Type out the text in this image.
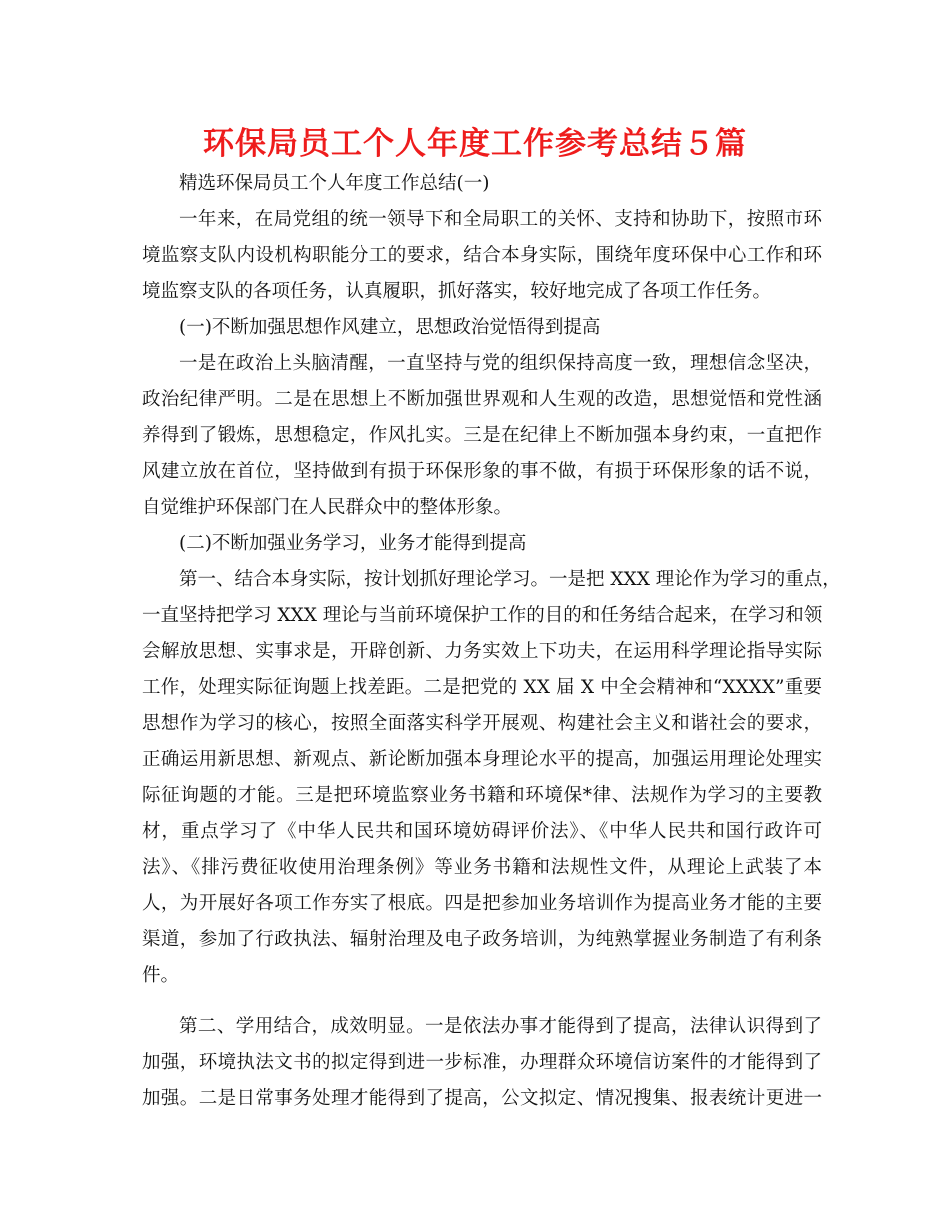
环保局员工个人年度工作参考总结５篇
精选环保局员工个人年度工作总结(一)
一年来，在局党组的统一领导下和全局职工的关怀、支持和协助下，按照市环
境监察支队内设机构职能分工的要求，结合本身实际，围绕年度环保中心工作和环
境监察支队的各项任务，认真履职，抓好落实，较好地完成了各项工作任务。
(一)不断加强思想作风建立，思想政治觉悟得到提高
一是在政治上头脑清醒，一直坚持与党的组织保持高度一致，理想信念坚决，
政治纪律严明。二是在思想上不断加强世界观和人生观的改造，思想觉悟和党性涵
养得到了锻炼，思想稳定，作风扎实。三是在纪律上不断加强本身约束，一直把作
风建立放在首位，坚持做到有损于环保形象的事不做，有损于环保形象的话不说，
自觉维护环保部门在人民群众中的整体形象。
(二)不断加强业务学习，业务才能得到提高
第一、结合本身实际，按计划抓好理论学习。一是把 XXX 理论作为学习的重点，
一直坚持把学习 XXX 理论与当前环境保护工作的目的和任务结合起来，在学习和领
会解放思想、实事求是，开辟创新、力务实效上下功夫，在运用科学理论指导实际
工作，处理实际征询题上找差距。二是把党的 XX 届 X 中全会精神和“XXXX”重要
思想作为学习的核心，按照全面落实科学开展观、构建社会主义和谐社会的要求，
正确运用新思想、新观点、新论断加强本身理论水平的提高，加强运用理论处理实
际征询题的才能。三是把环境监察业务书籍和环境保*律、法规作为学习的主要教
材，重点学习了《中华人民共和国环境妨碍评价法》、《中华人民共和国行政许可
法》、《排污费征收使用治理条例》等业务书籍和法规性文件，从理论上武装了本
人，为开展好各项工作夯实了根底。四是把参加业务培训作为提高业务才能的主要
渠道，参加了行政执法、辐射治理及电子政务培训，为纯熟掌握业务制造了有利条
件。
第二、学用结合，成效明显。一是依法办事才能得到了提高，法律认识得到了
加强，环境执法文书的拟定得到进一步标准，办理群众环境信访案件的才能得到了
加强。二是日常事务处理才能得到了提高，公文拟定、情况搜集、报表统计更进一
